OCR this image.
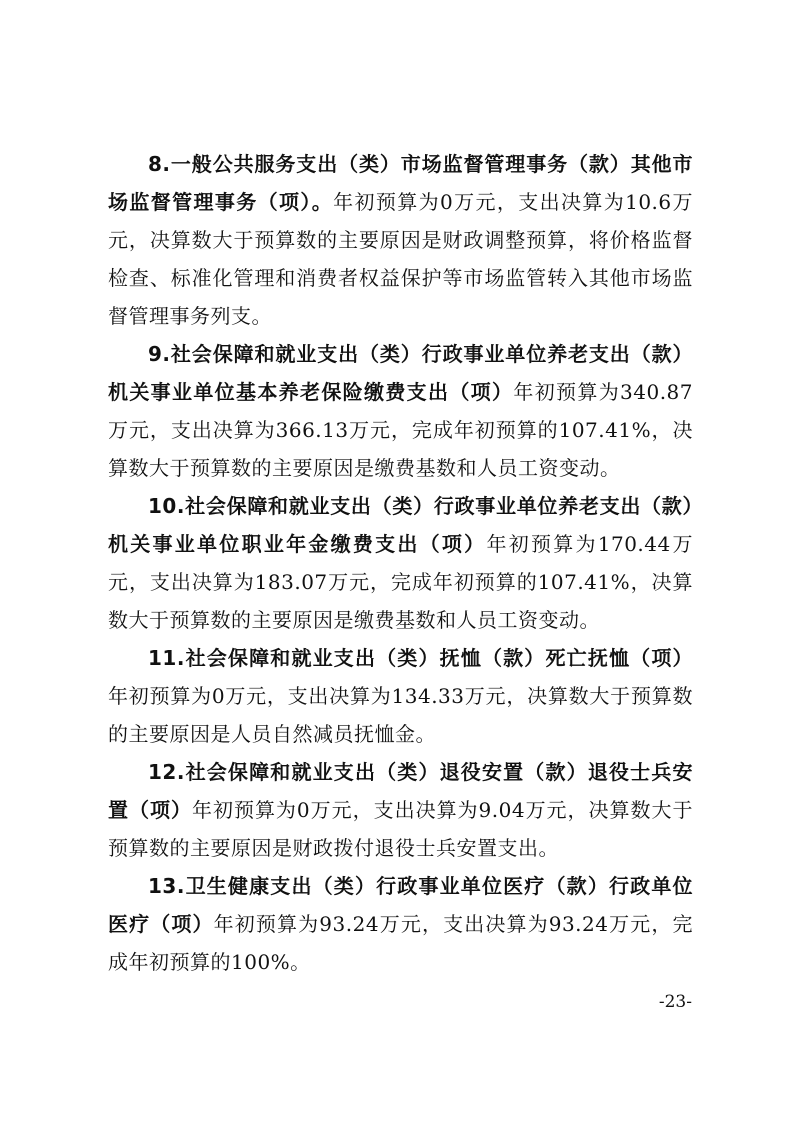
8.一般公共服务支出（类）市场监督管理事务（款）其他市场监督管理事务（项）。年初预算为0万元，支出决算为10.6万元，决算数大于预算数的主要原因是财政调整预算，将价格监督检查、标准化管理和消费者权益保护等市场监管转入其他市场监督管理事务列支。

9.社会保障和就业支出（类）行政事业单位养老支出（款）机关事业单位基本养老保险缴费支出（项）年初预算为340.87万元，支出决算为366.13万元，完成年初预算的107.41%，决算数大于预算数的主要原因是缴费基数和人员工资变动。

10.社会保障和就业支出（类）行政事业单位养老支出（款）机关事业单位职业年金缴费支出（项）年初预算为170.44万元，支出决算为183.07万元，完成年初预算的107.41%，决算数大于预算数的主要原因是缴费基数和人员工资变动。

11.社会保障和就业支出（类）抚恤（款）死亡抚恤（项）年初预算为0万元，支出决算为134.33万元，决算数大于预算数的主要原因是人员自然减员抚恤金。

12.社会保障和就业支出（类）退役安置（款）退役士兵安置（项）年初预算为0万元，支出决算为9.04万元，决算数大于预算数的主要原因是财政拨付退役士兵安置支出。

13.卫生健康支出（类）行政事业单位医疗（款）行政单位医疗（项）年初预算为93.24万元，支出决算为93.24万元，完成年初预算的100%。

-23-
